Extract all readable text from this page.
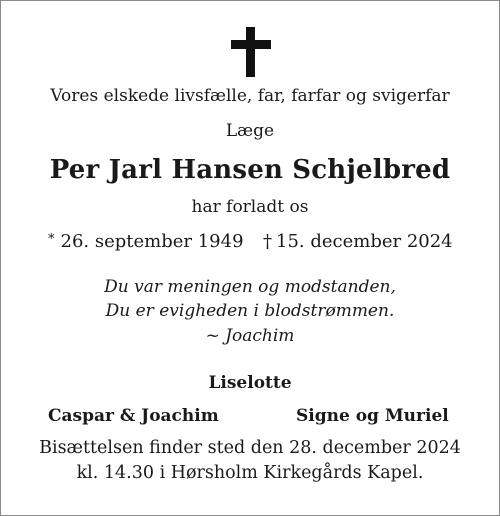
Vores elskede livsfælle, far, farfar og svigerfar
Læge
Per Jarl Hansen Schjelbred
har forladt os
* 26. september 1949 † 15. december 2024
Du var meningen og modstanden,
Du er evigheden i blodstrømmen.
~ Joachim
Liselotte
Caspar & Joachim	Signe og Muriel
Bisættelsen finder sted den 28. december 2024
kl. 14.30 i Hørsholm Kirkegårds Kapel.
